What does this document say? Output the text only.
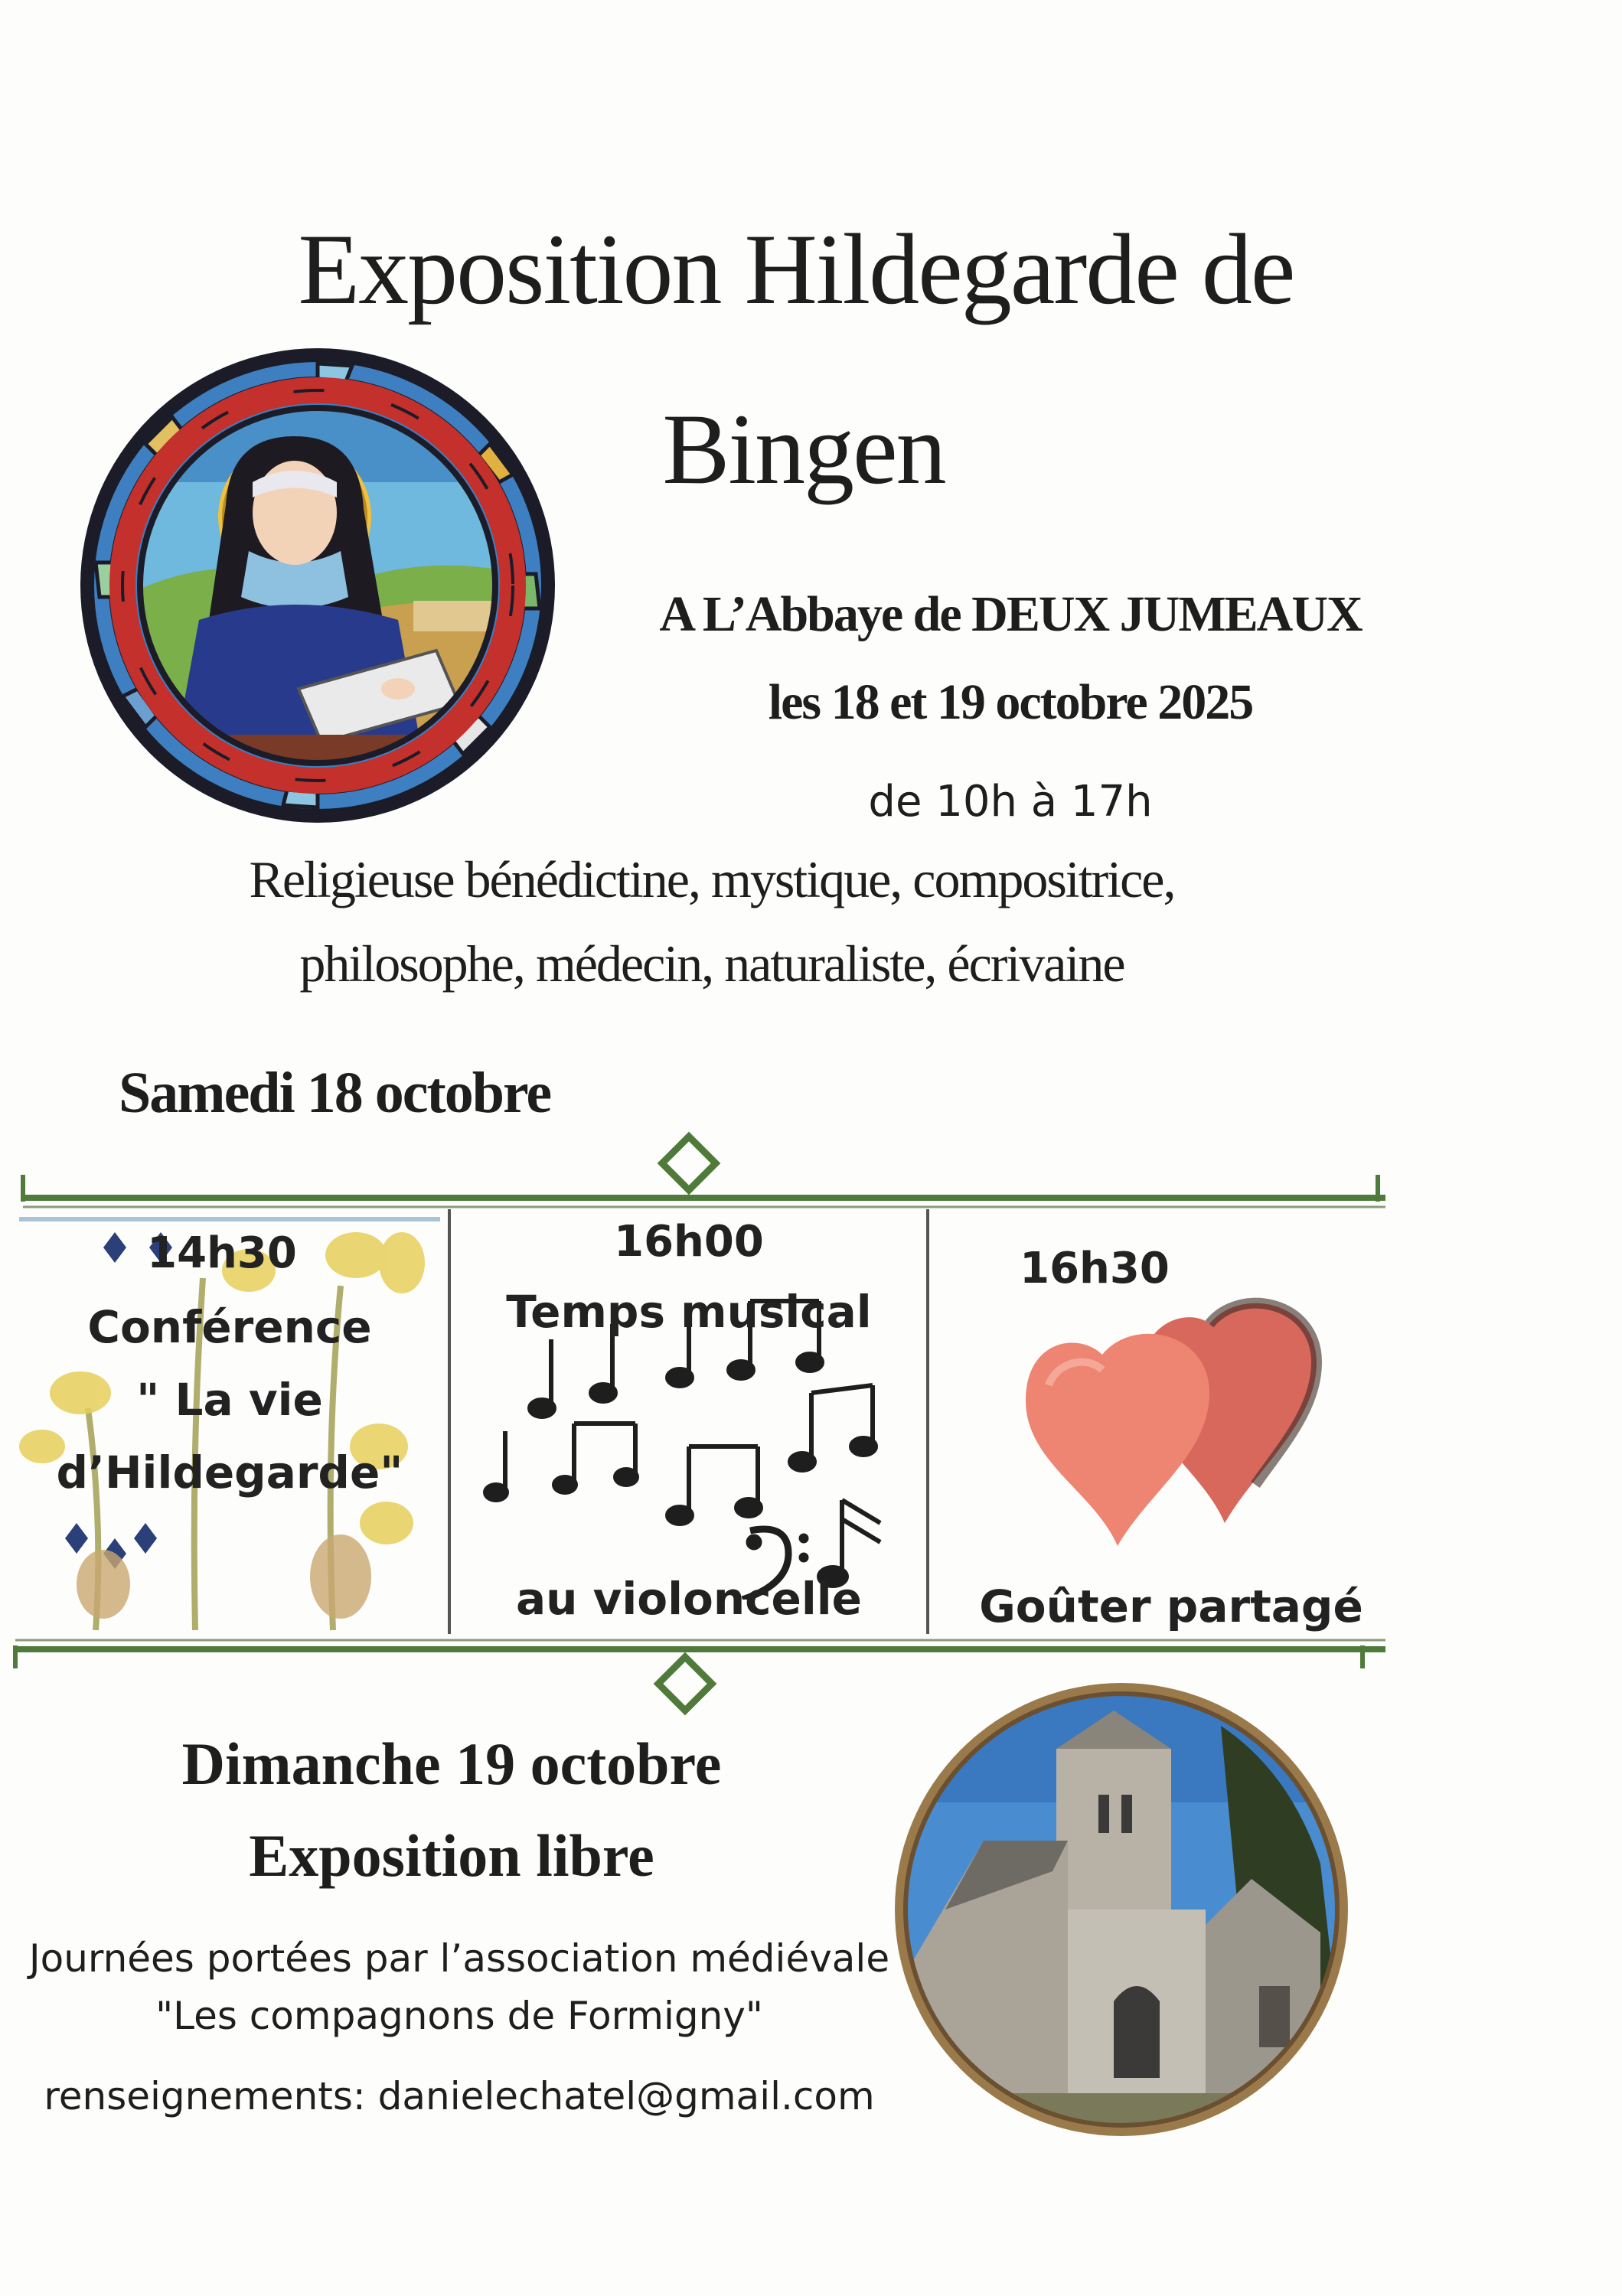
Exposition Hildegarde de
Bingen
A L’Abbaye de DEUX JUMEAUX
les 18 et 19 octobre 2025
de 10h à 17h
Religieuse bénédictine, mystique, compositrice,
philosophe, médecin, naturaliste, écrivaine
Samedi 18 octobre
14h30
Conférence
" La vie
d’Hildegarde"
16h00
Temps musical
au violoncelle
16h30
Goûter partagé
Dimanche 19 octobre
Exposition libre
Journées portées par l’association médiévale
"Les compagnons de Formigny"
renseignements: danielechatel@gmail.com
